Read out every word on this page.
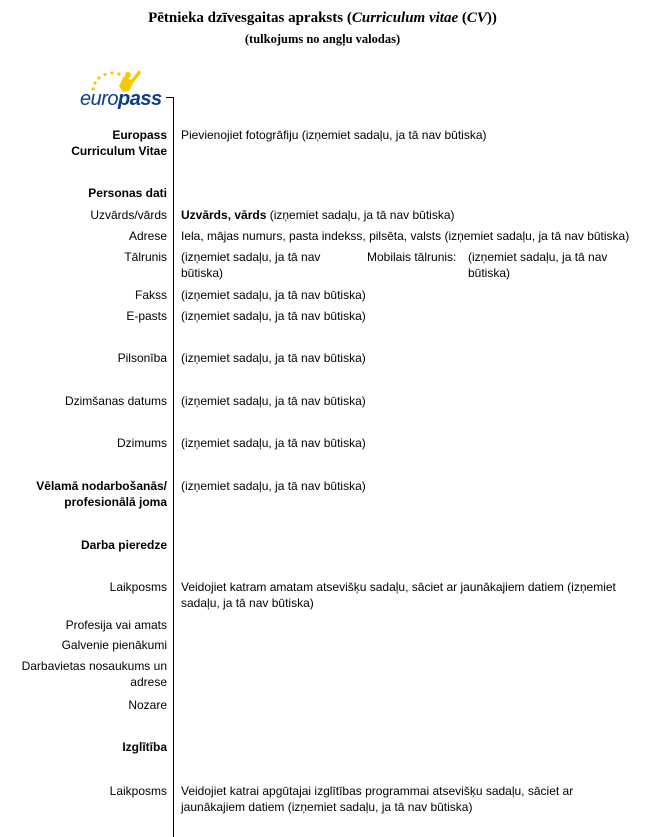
Pētnieka dzīvesgaitas apraksts (Curriculum vitae (CV))
(tulkojums no angļu valodas)
europass
Europass
Curriculum Vitae
Pievienojiet fotogrāfiju (izņemiet sadaļu, ja tā nav būtiska)
Personas dati
Uzvārds/vārds Uzvārds, vārds (izņemiet sadaļu, ja tā nav būtiska)
Adrese Iela, mājas numurs, pasta indekss, pilsēta, valsts (izņemiet sadaļu, ja tā nav būtiska)
Tālrunis (izņemiet sadaļu, ja tā nav
būtiska)
Mobilais tālrunis: (izņemiet sadaļu, ja tā nav
būtiska)
Fakss (izņemiet sadaļu, ja tā nav būtiska)
E-pasts (izņemiet sadaļu, ja tā nav būtiska)
Pilsonība (izņemiet sadaļu, ja tā nav būtiska)
Dzimšanas datums (izņemiet sadaļu, ja tā nav būtiska)
Dzimums (izņemiet sadaļu, ja tā nav būtiska)
Vēlamā nodarbošanās/
profesionālā joma
(izņemiet sadaļu, ja tā nav būtiska)
Darba pieredze
Laikposms Veidojiet katram amatam atsevišķu sadaļu, sāciet ar jaunākajiem datiem (izņemiet
sadaļu, ja tā nav būtiska)
Profesija vai amats
Galvenie pienākumi
Darbavietas nosaukums un
adrese
Nozare
Izglītība
Laikposms Veidojiet katrai apgūtajai izglītības programmai atsevišķu sadaļu, sāciet ar
jaunākajiem datiem (izņemiet sadaļu, ja tā nav būtiska)
